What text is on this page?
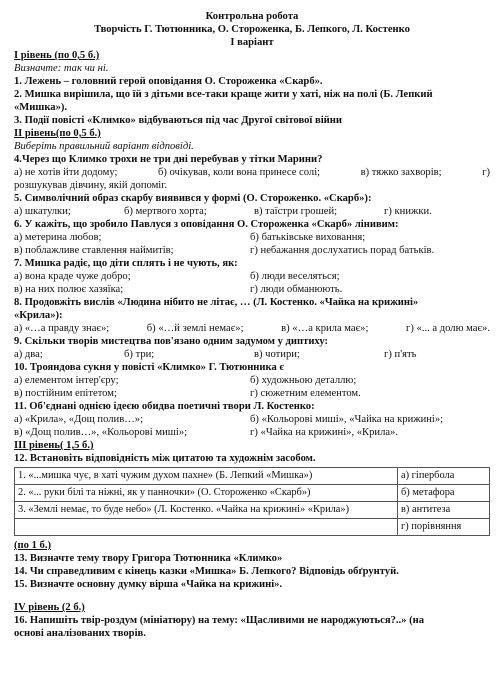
Контрольна робота
Творчість Г. Тютюнника, О. Стороженка, Б. Лепкого, Л. Костенко
І варіант
І рівень (по 0,5 б.)
Визначте: так чи ні.
1. Лежень – головний герой оповідання О. Стороженка «Скарб».
2. Мишка вирішила, що їй з дітьми все-таки краще жити у хаті, ніж на полі (Б. Лепкий
«Мишка»).
3. Події повісті «Климко» відбуваються під час Другої світової війни
ІІ рівень(по 0,5 б.)
Виберіть правильний варіант відповіді.
4.Через що Климко трохи не три дні перебував у тітки Марини?
а) не хотів йти додому;	б) очікував, коли вона принесе солі;	в) тяжко захворів;	г)
розшукував дівчину, якій допоміг.
5. Символічний образ скарбу виявився у формі (О. Стороженко. «Скарб»):
а) шкатулки;	б) мертвого хорта;	в) таїстри грошей;	г) книжки.
6. У кажіть, що зробило Павлуся з оповідання О. Стороженка «Скарб» лінивим:
а) метерина любов;	б) батьківське виховання;
в) поблажливе ставлення наймитів;	г) небажання дослухатись порад батьків.
7. Мишка радіє, що діти сплять і не чують, як:
а) вона краде чуже добро;	б) люди веселяться;
в) на них полює хазяїка;	г) люди обманюють.
8. Продовжіть вислів «Людина нібито не літає, … (Л. Костенко. «Чайка на крижині»
«Крила»):
а) «…а правду знає»;	б) «…й землі немає»;	в) «…а крила має»;	г) «... а долю має».
9. Скільки творів мистецтва пов'язано одним задумом у диптиху:
а) два;	б) три;	в) чотири;	г) п'ять
10. Трояндова сукня у повісті «Климко» Г. Тютюнника є
а) елементом інтер'єру;	б) художньою деталлю;
в) постійним епітетом;	г) сюжетним елементом.
11. Об'єднані однією ідеєю обидва поетичні твори Л. Костенко:
а) «Крила», «Дощ полив…»;	б) «Кольорові миші», «Чайка на крижині»;
в) «Дощ полив…», «Кольорові миші»;	г) «Чайка на крижині», «Крила».
ІІІ рівень( 1,5 б.)
12. Встановіть відповідність між цитатою та художнім засобом.
1. «...мишка чує, в хаті чужим духом пахне» (Б. Лепкий «Мишка»)	а) гіпербола
2. «... руки білі та ніжні, як у панночки» (О. Стороженко «Скарб»)	б) метафора
3. «Землі немає, то буде небо» (Л. Костенко. «Чайка на крижині» «Крила»)	в) антитеза
	г) порівняння
(по 1 б.)
13. Визначте тему твору Григора Тютюнника «Климко»
14. Чи справедливим є кінець казки «Мишка» Б. Лепкого? Відповідь обґрунтуй.
15. Визначте основну думку вірша «Чайка на крижині».
ІV рівень (2 б.)
16. Напишіть твір-роздум (мініатюру) на тему: «Щасливими не народжуються?..» (на
основі аналізованих творів.
